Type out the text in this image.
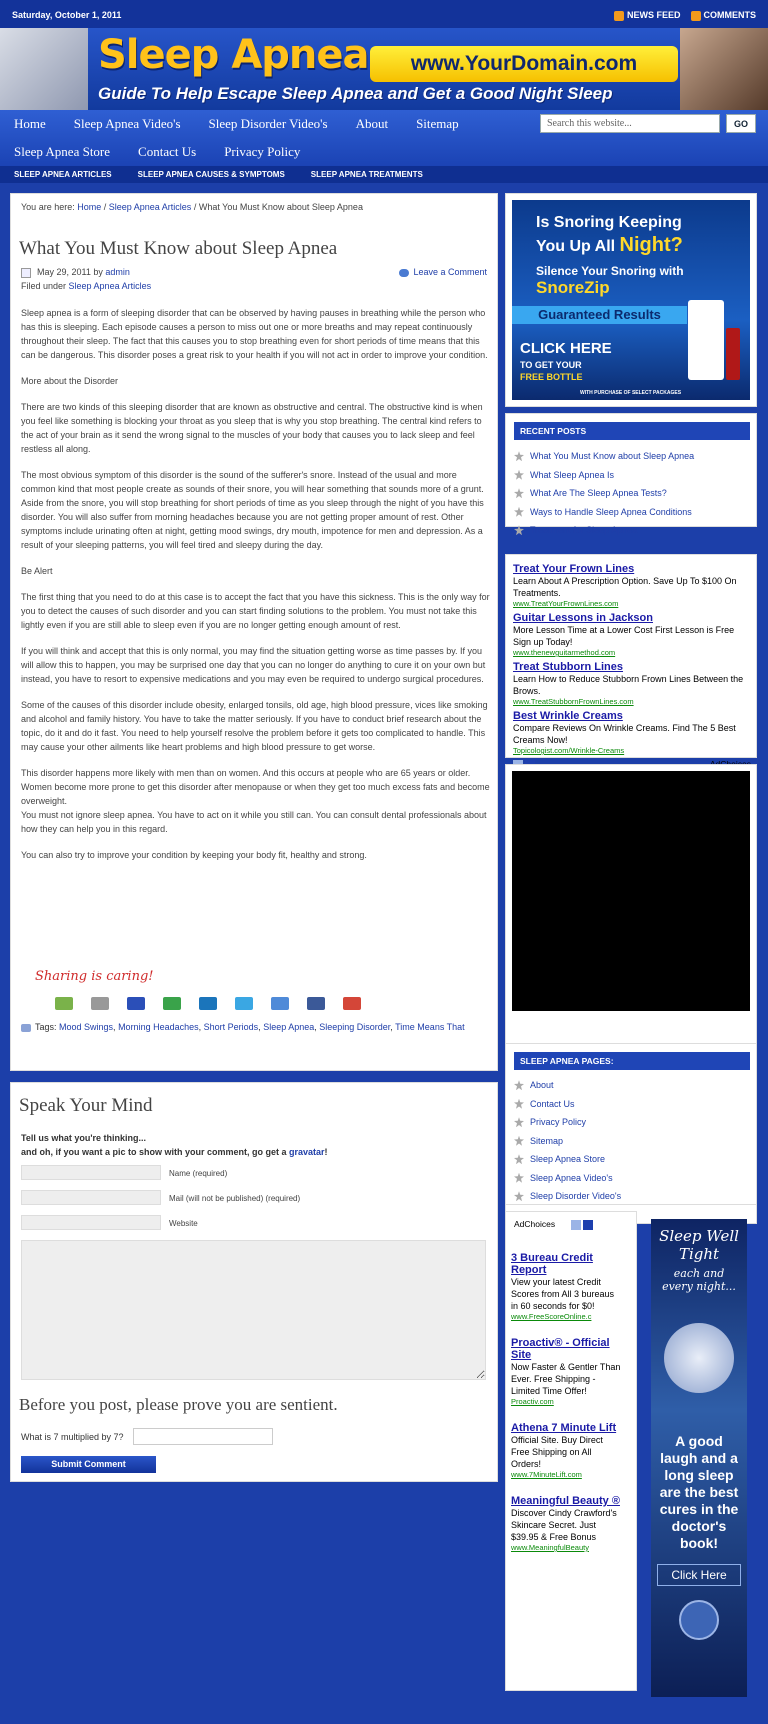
Saturday, October 1, 2011	NEWS FEED	COMMENTS
Sleep Apnea	www.YourDomain.com
Guide To Help Escape Sleep Apnea and Get a Good Night Sleep
Home Sleep Apnea Video's Sleep Disorder Video's About Sitemap
Search this website...	GO
Sleep Apnea Store Contact Us Privacy Policy
SLEEP APNEA ARTICLES	SLEEP APNEA CAUSES & SYMPTOMS	SLEEP APNEA TREATMENTS
You are here: Home / Sleep Apnea Articles / What You Must Know about Sleep Apnea
What You Must Know about Sleep Apnea
May 29, 2011 by admin	Leave a Comment
Filed under Sleep Apnea Articles

Sleep apnea is a form of sleeping disorder that can be observed by having pauses in breathing while the person who has this is sleeping. Each episode causes a person to miss out one or more breaths and may repeat continuously throughout their sleep. The fact that this causes you to stop breathing even for short periods of time means that this can be dangerous. This disorder poses a great risk to your health if you will not act in order to improve your condition.

More about the Disorder

There are two kinds of this sleeping disorder that are known as obstructive and central. The obstructive kind is when you feel like something is blocking your throat as you sleep that is why you stop breathing. The central kind refers to the act of your brain as it send the wrong signal to the muscles of your body that causes you to lack sleep and feel restless all along.

The most obvious symptom of this disorder is the sound of the sufferer's snore. Instead of the usual and more common kind that most people create as sounds of their snore, you will hear something that sounds more of a grunt. Aside from the snore, you will stop breathing for short periods of time as you sleep through the night of you have this disorder. You will also suffer from morning headaches because you are not getting proper amount of rest. Other symptoms include urinating often at night, getting mood swings, dry mouth, impotence for men and depression. As a result of your sleeping patterns, you will feel tired and sleepy during the day.

Be Alert

The first thing that you need to do at this case is to accept the fact that you have this sickness. This is the only way for you to detect the causes of such disorder and you can start finding solutions to the problem. You must not take this lightly even if you are still able to sleep even if you are no longer getting enough amount of rest.

If you will think and accept that this is only normal, you may find the situation getting worse as time passes by. If you will allow this to happen, you may be surprised one day that you can no longer do anything to cure it on your own but instead, you have to resort to expensive medications and you may even be required to undergo surgical procedures.

Some of the causes of this disorder include obesity, enlarged tonsils, old age, high blood pressure, vices like smoking and alcohol and family history. You have to take the matter seriously. If you have to conduct brief research about the topic, do it and do it fast. You need to help yourself resolve the problem before it gets too complicated to handle. This may cause your other ailments like heart problems and high blood pressure to get worse.

This disorder happens more likely with men than on women. And this occurs at people who are 65 years or older. Women become more prone to get this disorder after menopause or when they get too much excess fats and become overweight.
You must not ignore sleep apnea. You have to act on it while you still can. You can consult dental professionals about how they can help you in this regard.

You can also try to improve your condition by keeping your body fit, healthy and strong.

Sharing is caring!
Tags: Mood Swings, Morning Headaches, Short Periods, Sleep Apnea, Sleeping Disorder, Time Means That
Speak Your Mind
Tell us what you're thinking...
and oh, if you want a pic to show with your comment, go get a gravatar!
Name (required)
Mail (will not be published) (required)
Website
Before you post, please prove you are sentient.
What is 7 multiplied by 7?
Submit Comment
Is Snoring Keeping
You Up All Night?
Silence Your Snoring with
SnoreZip
Guaranteed Results
CLICK HERE
TO GET YOUR
FREE BOTTLE
WITH PURCHASE OF SELECT PACKAGES
RECENT POSTS
What You Must Know about Sleep Apnea
What Sleep Apnea Is
What Are The Sleep Apnea Tests?
Ways to Handle Sleep Apnea Conditions
Treatment for Sleep Apnea
Treat Your Frown Lines
Learn About A Prescription Option. Save Up To $100 On Treatments.
www.TreatYourFrownLines.com
Guitar Lessons in Jackson
More Lesson Time at a Lower Cost First Lesson is Free Sign up Today!
www.thenewguitarmethod.com
Treat Stubborn Lines
Learn How to Reduce Stubborn Frown Lines Between the Brows.
www.TreatStubbornFrownLines.com
Best Wrinkle Creams
Compare Reviews On Wrinkle Creams. Find The 5 Best Creams Now!
Topicologist.com/Wrinkle-Creams
SLEEP APNEA PAGES:
About
Contact Us
Privacy Policy
Sitemap
Sleep Apnea Store
Sleep Apnea Video's
Sleep Disorder Video's
AdChoices
3 Bureau Credit Report
View your latest Credit Scores from All 3 bureaus in 60 seconds for $0!
www.FreeScoreOnline.c
Proactiv® - Official Site
Now Faster & Gentler Than Ever. Free Shipping - Limited Time Offer!
Proactiv.com
Athena 7 Minute Lift
Official Site. Buy Direct Free Shipping on All Orders!
www.7MinuteLift.com
Meaningful Beauty ®
Discover Cindy Crawford's Skincare Secret. Just $39.95 & Free Bonus
www.MeaningfulBeauty
Sleep Well
Tight
each and every night...
A good laugh and a long sleep are the best cures in the doctor's book!
Click Here
